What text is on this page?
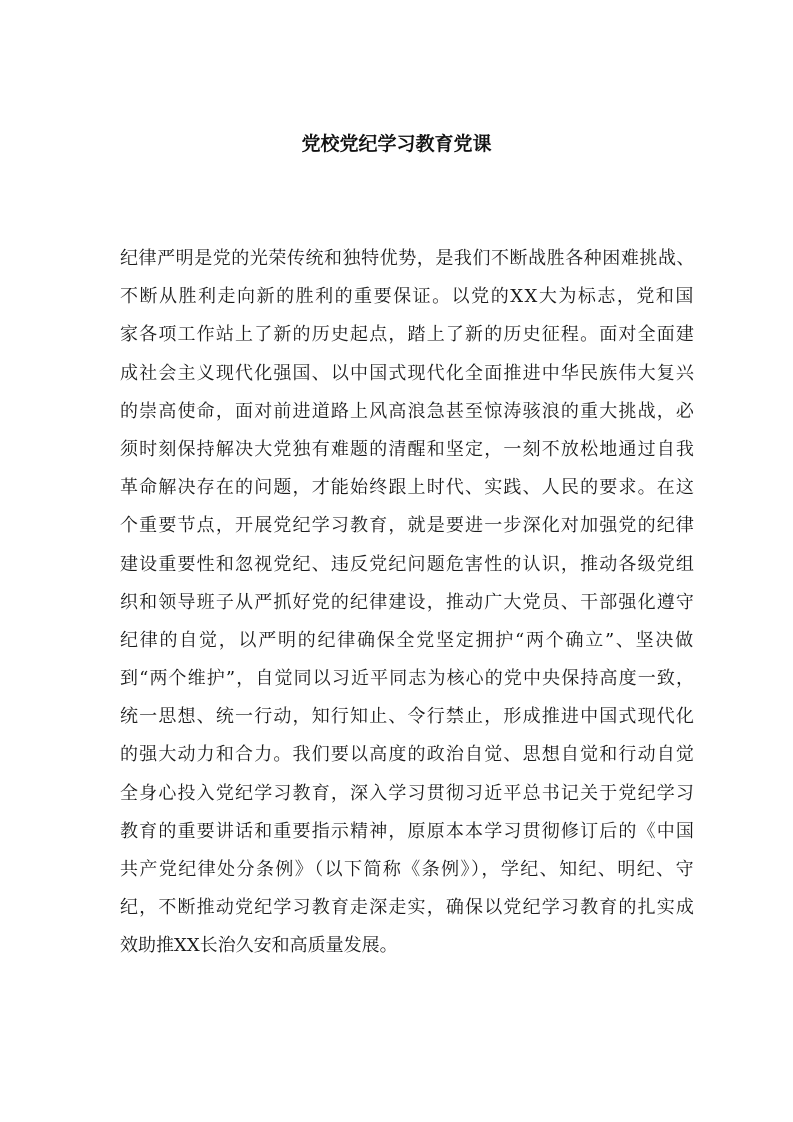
党校党纪学习教育党课
纪律严明是党的光荣传统和独特优势，是我们不断战胜各种困难挑战、
不断从胜利走向新的胜利的重要保证。以党的XX大为标志，党和国
家各项工作站上了新的历史起点，踏上了新的历史征程。面对全面建
成社会主义现代化强国、以中国式现代化全面推进中华民族伟大复兴
的崇高使命，面对前进道路上风高浪急甚至惊涛骇浪的重大挑战，必
须时刻保持解决大党独有难题的清醒和坚定，一刻不放松地通过自我
革命解决存在的问题，才能始终跟上时代、实践、人民的要求。在这
个重要节点，开展党纪学习教育，就是要进一步深化对加强党的纪律
建设重要性和忽视党纪、违反党纪问题危害性的认识，推动各级党组
织和领导班子从严抓好党的纪律建设，推动广大党员、干部强化遵守
纪律的自觉，以严明的纪律确保全党坚定拥护“两个确立”、坚决做
到“两个维护”，自觉同以习近平同志为核心的党中央保持高度一致，
统一思想、统一行动，知行知止、令行禁止，形成推进中国式现代化
的强大动力和合力。我们要以高度的政治自觉、思想自觉和行动自觉
全身心投入党纪学习教育，深入学习贯彻习近平总书记关于党纪学习
教育的重要讲话和重要指示精神，原原本本学习贯彻修订后的《中国
共产党纪律处分条例》（以下简称《条例》），学纪、知纪、明纪、守
纪，不断推动党纪学习教育走深走实，确保以党纪学习教育的扎实成
效助推XX长治久安和高质量发展。
